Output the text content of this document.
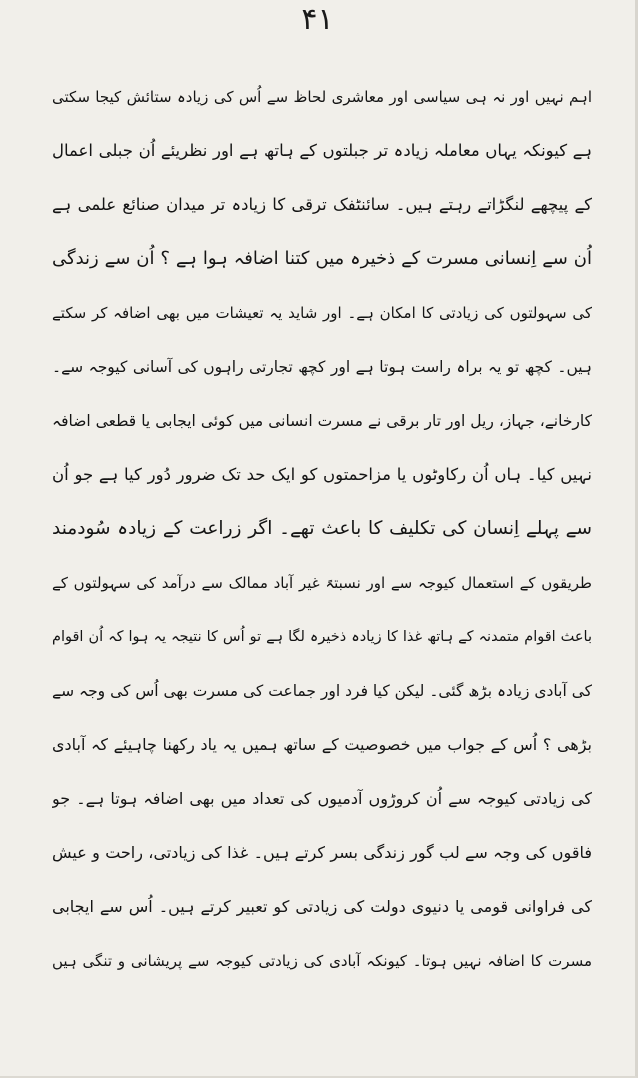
۴۱
اہم نہیں اور نہ ہی سیاسی اور معاشری لحاظ سے اُس کی زیادہ ستائش کیجا سکتی
ہے کیونکہ یہاں معاملہ زیادہ تر جبلتوں کے ہاتھ ہے اور نظریئے اُن جبلی اعمال
کے پیچھے لنگڑاتے رہتے ہیں۔ سائنٹفک ترقی کا زیادہ تر میدان صنائع علمی ہے
اُن سے اِنسانی مسرت کے ذخیرہ میں کتنا اضافہ ہوا ہے ؟ اُن سے زندگی
کی سہولتوں کی زیادتی کا امکان ہے۔ اور شاید یہ تعیشات میں بھی اضافہ کر سکتے
ہیں۔ کچھ تو یہ براہ راست ہوتا ہے اور کچھ تجارتی راہوں کی آسانی کیوجہ سے۔
کارخانے، جہاز، ریل اور تار برقی نے مسرت انسانی میں کوئی ایجابی یا قطعی اضافہ
نہیں کیا۔ ہاں اُن رکاوٹوں یا مزاحمتوں کو ایک حد تک ضرور دُور کیا ہے جو اُن
سے پہلے اِنسان کی تکلیف کا باعث تھے۔ اگر زراعت کے زیادہ سُودمند
طریقوں کے استعمال کیوجہ سے اور نسبتہً غیر آباد ممالک سے درآمد کی سہولتوں کے
باعث اقوام متمدنہ کے ہاتھ غذا کا زیادہ ذخیرہ لگا ہے تو اُس کا نتیجہ یہ ہوا کہ اُن اقوام
کی آبادی زیادہ بڑھ گئی۔ لیکن کیا فرد اور جماعت کی مسرت بھی اُس کی وجہ سے
بڑھی ؟ اُس کے جواب میں خصوصیت کے ساتھ ہمیں یہ یاد رکھنا چاہیئے کہ آبادی
کی زیادتی کیوجہ سے اُن کروڑوں آدمیوں کی تعداد میں بھی اضافہ ہوتا ہے۔ جو
فاقوں کی وجہ سے لب گور زندگی بسر کرتے ہیں۔ غذا کی زیادتی، راحت و عیش
کی فراوانی قومی یا دنیوی دولت کی زیادتی کو تعبیر کرتے ہیں۔ اُس سے ایجابی
مسرت کا اضافہ نہیں ہوتا۔ کیونکہ آبادی کی زیادتی کیوجہ سے پریشانی و تنگی ہیں
